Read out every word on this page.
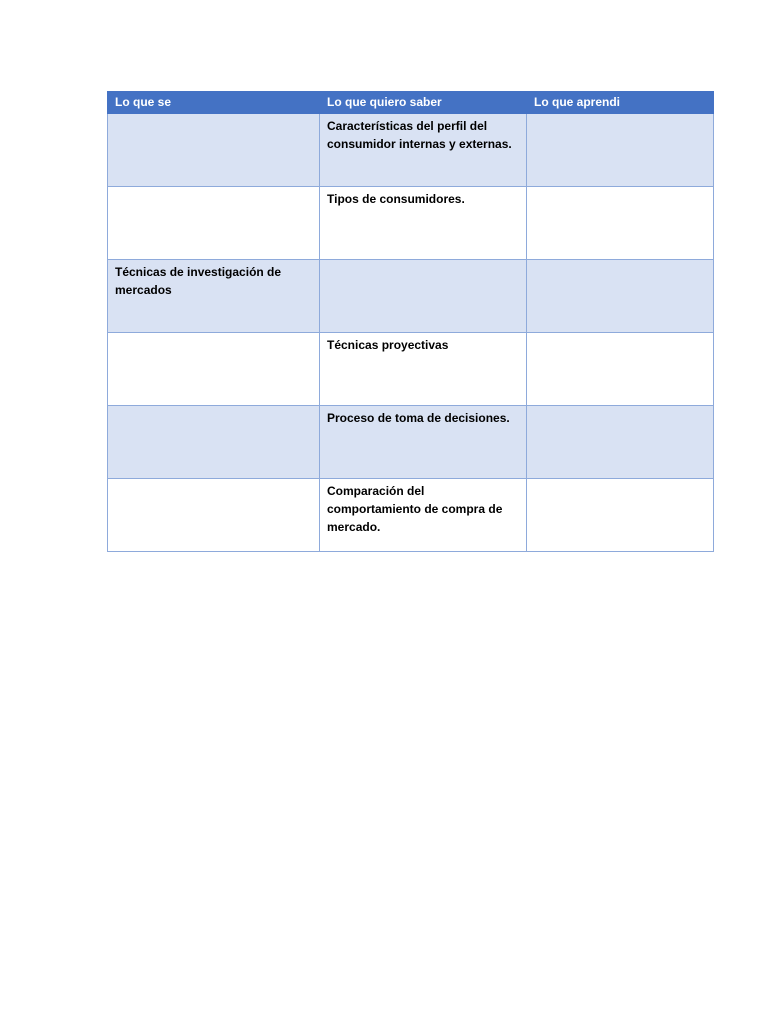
Lo que se	Lo que quiero saber	Lo que aprendi
	Características del perfil del consumidor internas y externas.	
	Tipos de consumidores.	
Técnicas de investigación de mercados		
	Técnicas proyectivas	
	Proceso de toma de decisiones.	
	Comparación del comportamiento de compra de mercado.	
